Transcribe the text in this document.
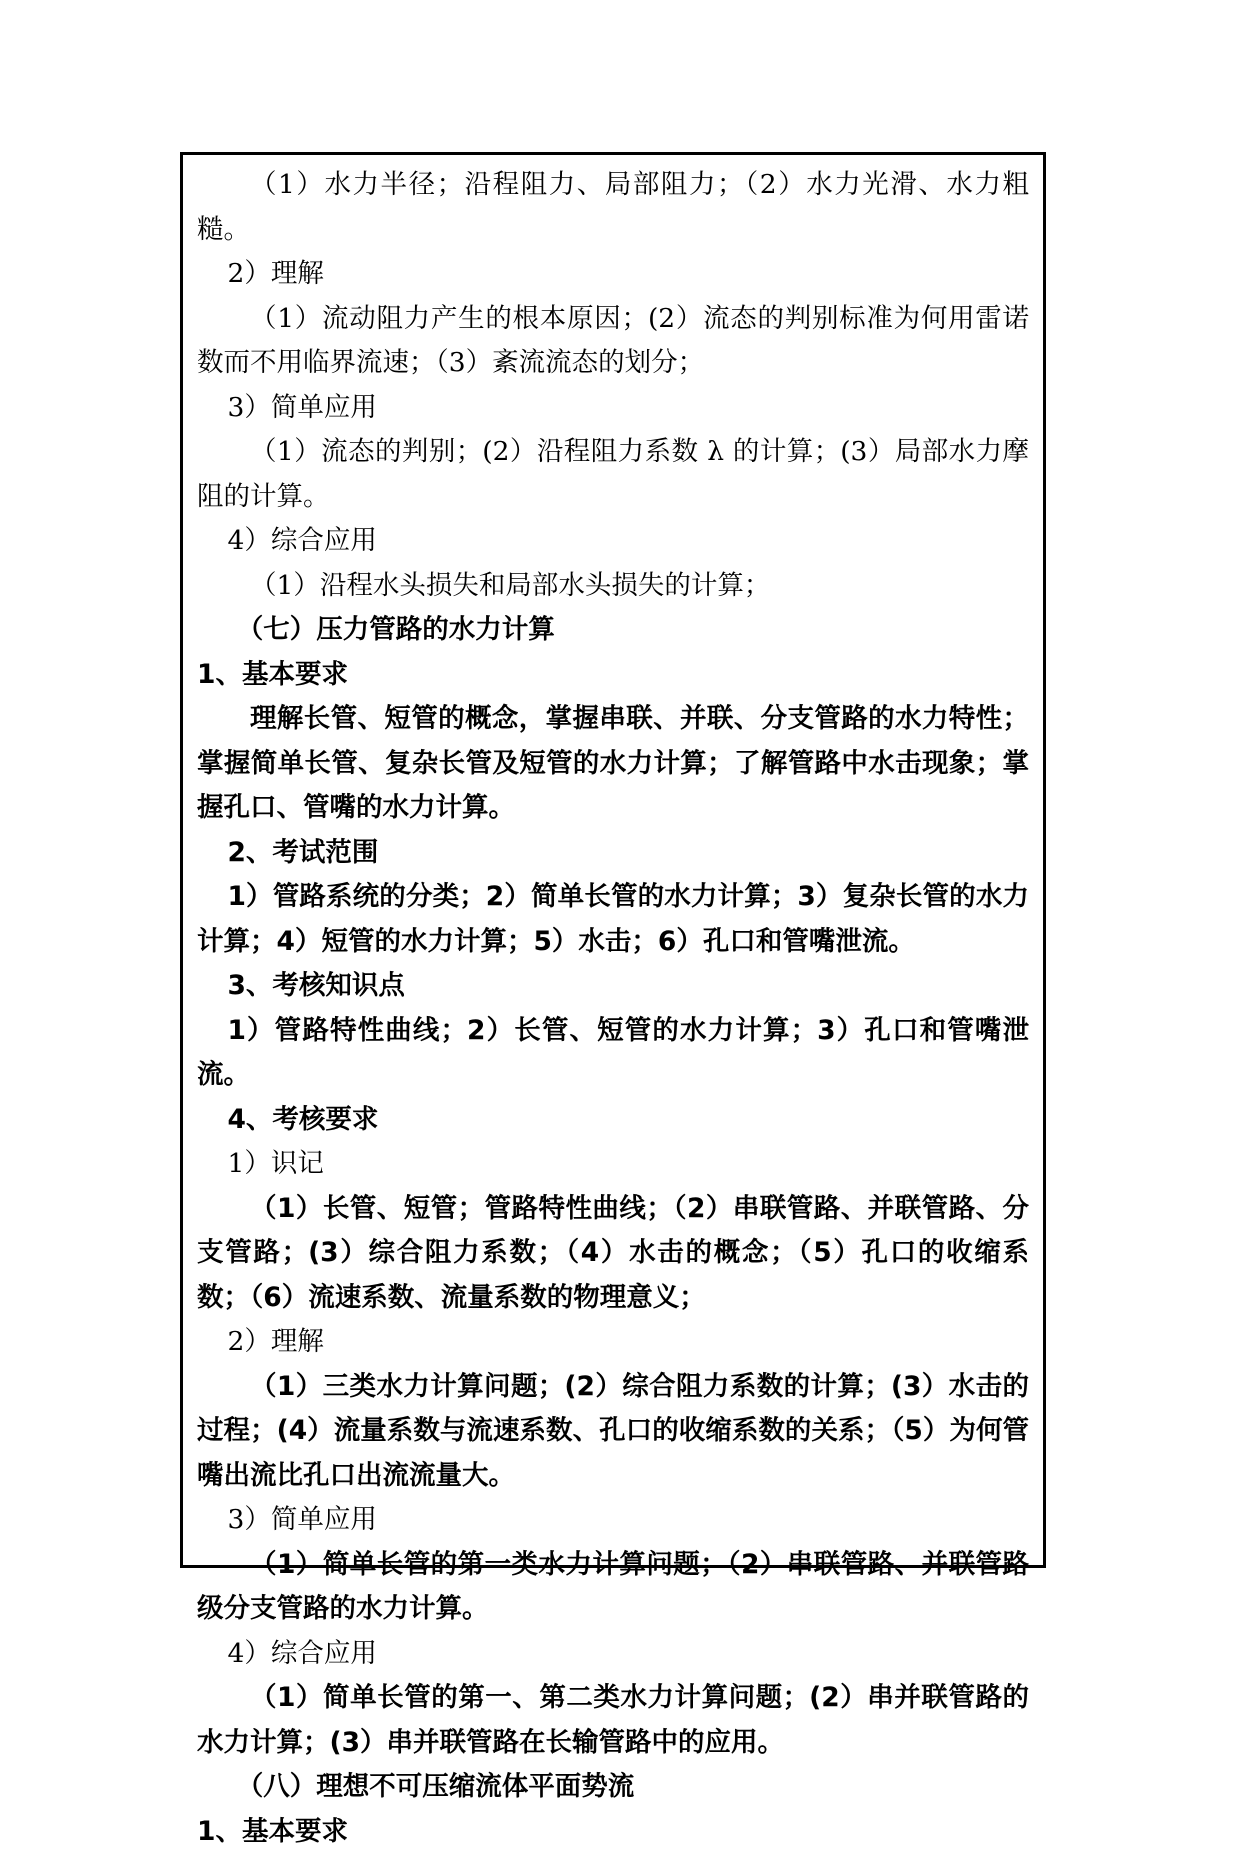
（1）水力半径；沿程阻力、局部阻力；（2）水力光滑、水力粗糙。

2）理解

（1）流动阻力产生的根本原因；(2）流态的判别标准为何用雷诺数而不用临界流速；（3）紊流流态的划分；

3）简单应用

（1）流态的判别；(2）沿程阻力系数 λ 的计算；(3）局部水力摩阻的计算。

4）综合应用

（1）沿程水头损失和局部水头损失的计算；

（七）压力管路的水力计算

1、基本要求

理解长管、短管的概念，掌握串联、并联、分支管路的水力特性；掌握简单长管、复杂长管及短管的水力计算；了解管路中水击现象；掌握孔口、管嘴的水力计算。

2、考试范围

1）管路系统的分类；2）简单长管的水力计算；3）复杂长管的水力计算；4）短管的水力计算；5）水击；6）孔口和管嘴泄流。

3、考核知识点

1）管路特性曲线；2）长管、短管的水力计算；3）孔口和管嘴泄流。

4、考核要求

1）识记

（1）长管、短管；管路特性曲线；（2）串联管路、并联管路、分支管路；(3）综合阻力系数；（4）水击的概念；（5）孔口的收缩系数；（6）流速系数、流量系数的物理意义；

2）理解

（1）三类水力计算问题；(2）综合阻力系数的计算；(3）水击的过程；(4）流量系数与流速系数、孔口的收缩系数的关系；（5）为何管嘴出流比孔口出流流量大。

3）简单应用

（1）简单长管的第一类水力计算问题；（2）串联管路、并联管路级分支管路的水力计算。

4）综合应用

（1）简单长管的第一、第二类水力计算问题；(2）串并联管路的水力计算；(3）串并联管路在长输管路中的应用。

（八）理想不可压缩流体平面势流

1、基本要求
